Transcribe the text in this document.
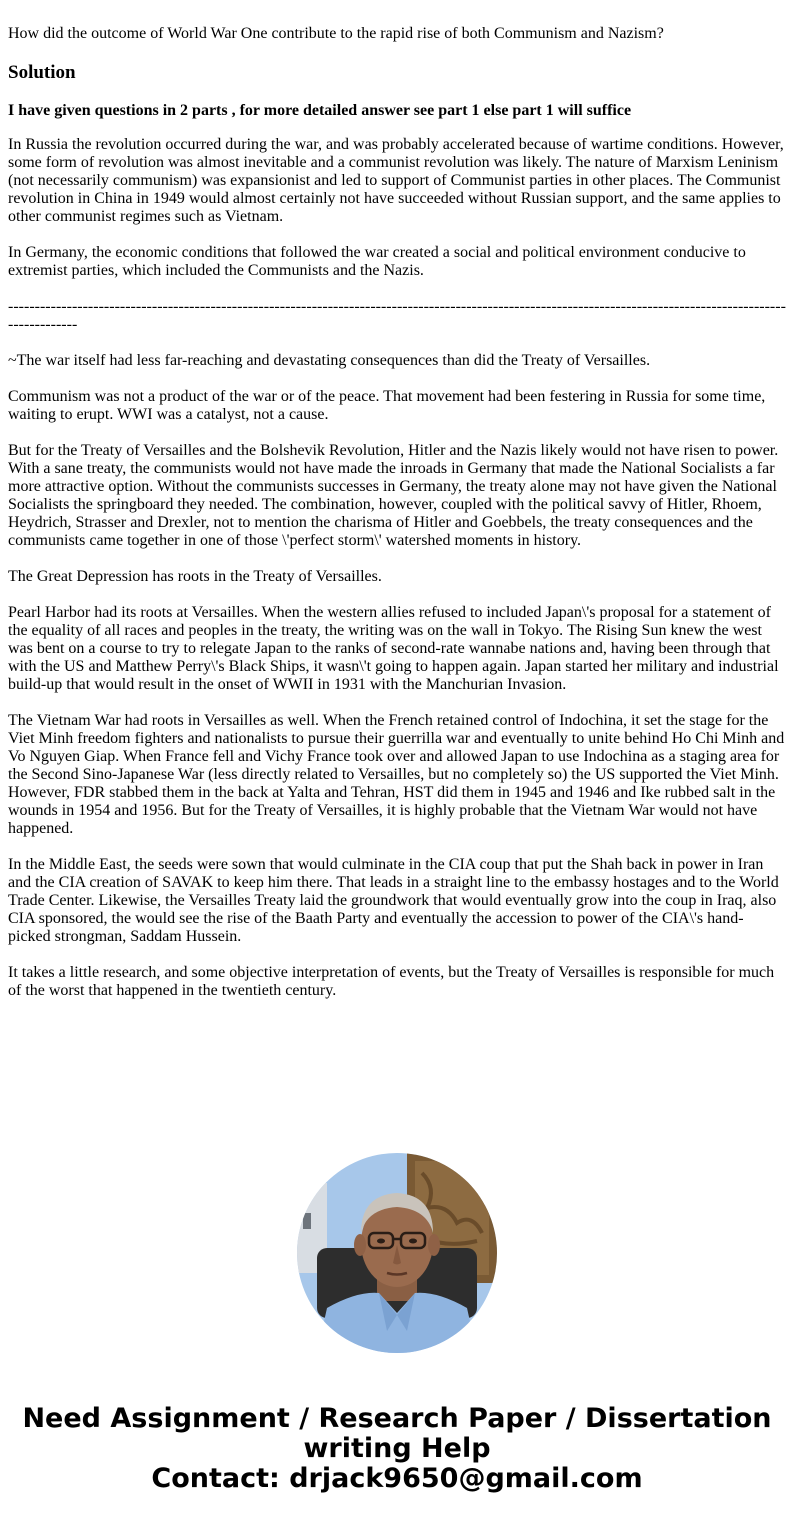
How did the outcome of World War One contribute to the rapid rise of both Communism and Nazism?

Solution
I have given questions in 2 parts , for more detailed answer see part 1 else part 1 will suffice

In Russia the revolution occurred during the war, and was probably accelerated because of wartime conditions. However, some form of revolution was almost inevitable and a communist revolution was likely. The nature of Marxism Leninism (not necessarily communism) was expansionist and led to support of Communist parties in other places. The Communist revolution in China in 1949 would almost certainly not have succeeded without Russian support, and the same applies to other communist regimes such as Vietnam.

In Germany, the economic conditions that followed the war created a social and political environment conducive to extremist parties, which included the Communists and the Nazis.

---------------------------------------------------------------------------------------------------------------------------------------------------------------

~The war itself had less far-reaching and devastating consequences than did the Treaty of Versailles.

Communism was not a product of the war or of the peace. That movement had been festering in Russia for some time, waiting to erupt. WWI was a catalyst, not a cause.

But for the Treaty of Versailles and the Bolshevik Revolution, Hitler and the Nazis likely would not have risen to power. With a sane treaty, the communists would not have made the inroads in Germany that made the National Socialists a far more attractive option. Without the communists successes in Germany, the treaty alone may not have given the National Socialists the springboard they needed. The combination, however, coupled with the political savvy of Hitler, Rhoem, Heydrich, Strasser and Drexler, not to mention the charisma of Hitler and Goebbels, the treaty consequences and the communists came together in one of those \'perfect storm\' watershed moments in history.

The Great Depression has roots in the Treaty of Versailles.

Pearl Harbor had its roots at Versailles. When the western allies refused to included Japan\'s proposal for a statement of the equality of all races and peoples in the treaty, the writing was on the wall in Tokyo. The Rising Sun knew the west was bent on a course to try to relegate Japan to the ranks of second-rate wannabe nations and, having been through that with the US and Matthew Perry\'s Black Ships, it wasn\'t going to happen again. Japan started her military and industrial build-up that would result in the onset of WWII in 1931 with the Manchurian Invasion.

The Vietnam War had roots in Versailles as well. When the French retained control of Indochina, it set the stage for the Viet Minh freedom fighters and nationalists to pursue their guerrilla war and eventually to unite behind Ho Chi Minh and Vo Nguyen Giap. When France fell and Vichy France took over and allowed Japan to use Indochina as a staging area for the Second Sino-Japanese War (less directly related to Versailles, but no completely so) the US supported the Viet Minh. However, FDR stabbed them in the back at Yalta and Tehran, HST did them in 1945 and 1946 and Ike rubbed salt in the wounds in 1954 and 1956. But for the Treaty of Versailles, it is highly probable that the Vietnam War would not have happened.

In the Middle East, the seeds were sown that would culminate in the CIA coup that put the Shah back in power in Iran and the CIA creation of SAVAK to keep him there. That leads in a straight line to the embassy hostages and to the World Trade Center. Likewise, the Versailles Treaty laid the groundwork that would eventually grow into the coup in Iraq, also CIA sponsored, the would see the rise of the Baath Party and eventually the accession to power of the CIA\'s hand-picked strongman, Saddam Hussein.

It takes a little research, and some objective interpretation of events, but the Treaty of Versailles is responsible for much of the worst that happened in the twentieth century.

Need Assignment / Research Paper / Dissertation
writing Help
Contact: drjack9650@gmail.com
